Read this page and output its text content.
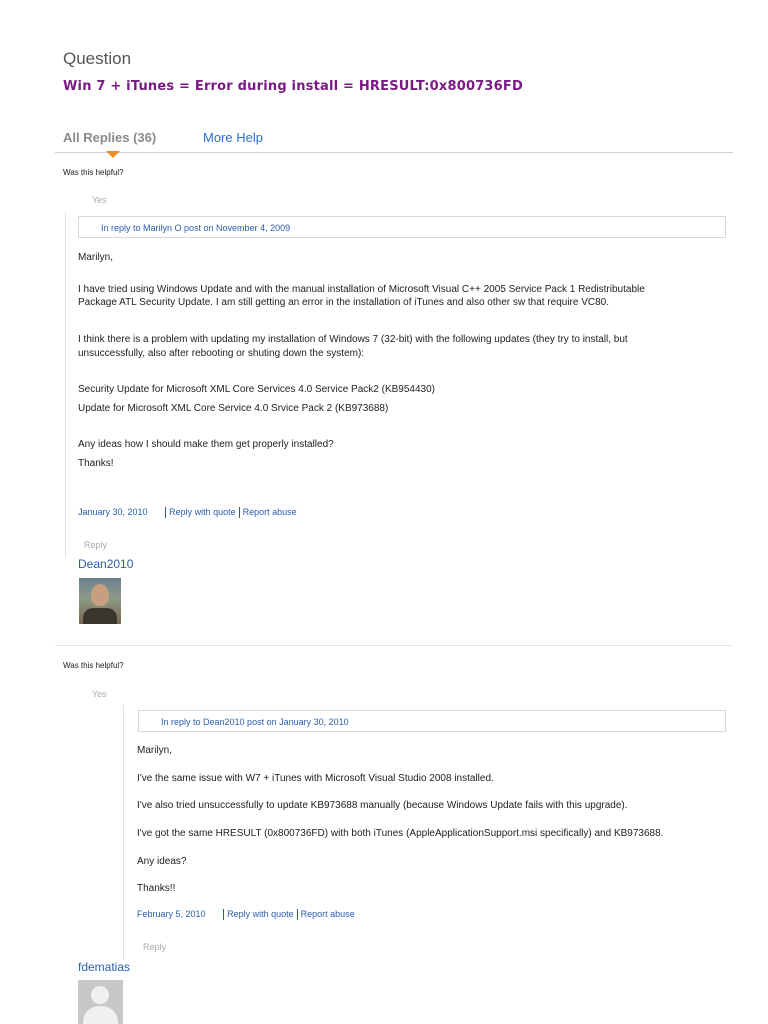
Question
Win 7 + iTunes = Error during install = HRESULT:0x800736FD
All Replies (36)	More Help
Was this helpful?
Yes
In reply to Marilyn O post on November 4, 2009
Marilyn,
I have tried using Windows Update and with the manual installation of Microsoft Visual C++ 2005 Service Pack 1 Redistributable
Package ATL Security Update. I am still getting an error in the installation of iTunes and also other sw that require VC80.
I think there is a problem with updating my installation of Windows 7 (32-bit) with the following updates (they try to install, but
unsuccessfully, also after rebooting or shuting down the system):
Security Update for Microsoft XML Core Services 4.0 Service Pack2 (KB954430)
Update for Microsoft XML Core Service 4.0 Srvice Pack 2 (KB973688)
Any ideas how I should make them get properly installed?
Thanks!
January 30, 2010 Reply with quote Report abuse
Reply
Dean2010
Was this helpful?
Yes
In reply to Dean2010 post on January 30, 2010
Marilyn,
I've the same issue with W7 + iTunes with Microsoft Visual Studio 2008 installed.
I've also tried unsuccessfully to update KB973688 manually (because Windows Update fails with this upgrade).
I've got the same HRESULT (0x800736FD) with both iTunes (AppleApplicationSupport.msi specifically) and KB973688.
Any ideas?
Thanks!!
February 5, 2010 Reply with quote Report abuse
Reply
fdematias
